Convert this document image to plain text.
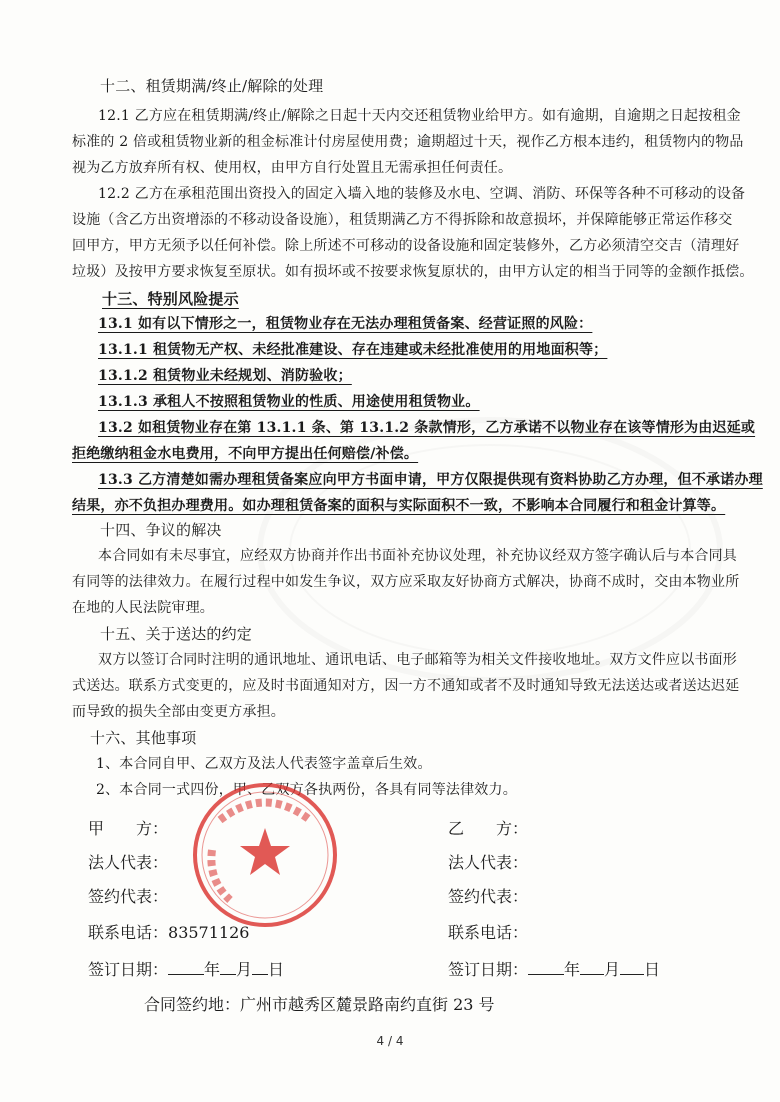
十二、租赁期满/终止/解除的处理
12.1 乙方应在租赁期满/终止/解除之日起十天内交还租赁物业给甲方。如有逾期，自逾期之日起按租金
标准的 2 倍或租赁物业新的租金标准计付房屋使用费；逾期超过十天，视作乙方根本违约，租赁物内的物品
视为乙方放弃所有权、使用权，由甲方自行处置且无需承担任何责任。
12.2 乙方在承租范围出资投入的固定入墙入地的装修及水电、空调、消防、环保等各种不可移动的设备
设施（含乙方出资增添的不移动设备设施），租赁期满乙方不得拆除和故意损坏，并保障能够正常运作移交
回甲方，甲方无须予以任何补偿。除上所述不可移动的设备设施和固定装修外，乙方必须清空交吉（清理好
垃圾）及按甲方要求恢复至原状。如有损坏或不按要求恢复原状的，由甲方认定的相当于同等的金额作抵偿。
十三、特别风险提示
13.1 如有以下情形之一，租赁物业存在无法办理租赁备案、经营证照的风险：
13.1.1 租赁物无产权、未经批准建设、存在违建或未经批准使用的用地面积等；
13.1.2 租赁物业未经规划、消防验收；
13.1.3 承租人不按照租赁物业的性质、用途使用租赁物业。
13.2 如租赁物业存在第 13.1.1 条、第 13.1.2 条款情形，乙方承诺不以物业存在该等情形为由迟延或
拒绝缴纳租金水电费用，不向甲方提出任何赔偿/补偿。
13.3 乙方清楚如需办理租赁备案应向甲方书面申请，甲方仅限提供现有资料协助乙方办理，但不承诺办理
结果，亦不负担办理费用。如办理租赁备案的面积与实际面积不一致，不影响本合同履行和租金计算等。
十四、争议的解决
本合同如有未尽事宜，应经双方协商并作出书面补充协议处理，补充协议经双方签字确认后与本合同具
有同等的法律效力。在履行过程中如发生争议，双方应采取友好协商方式解决，协商不成时，交由本物业所
在地的人民法院审理。
十五、关于送达的约定
双方以签订合同时注明的通讯地址、通讯电话、电子邮箱等为相关文件接收地址。双方文件应以书面形
式送达。联系方式变更的，应及时书面通知对方，因一方不通知或者不及时通知导致无法送达或者送达迟延
而导致的损失全部由变更方承担。
十六、其他事项
1、本合同自甲、乙双方及法人代表签字盖章后生效。
2、本合同一式四份，甲、乙双方各执两份，各具有同等法律效力。
甲　　方：	乙　　方：
法人代表：	法人代表：
签约代表：	签约代表：
联系电话：83571126	联系电话：
签订日期： 年 月 日	签订日期： 年 月 日
合同签约地：广州市越秀区麓景路南约直街 23 号
4 / 4
